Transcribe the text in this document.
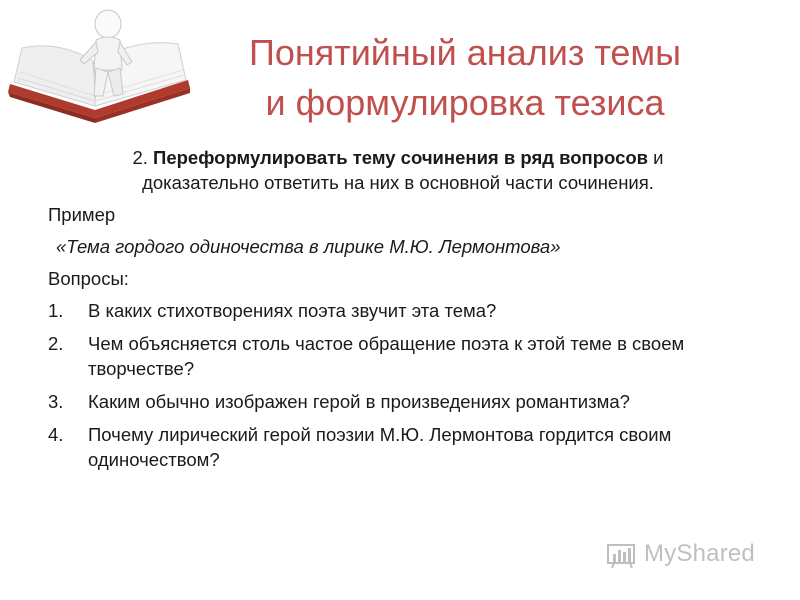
Понятийный анализ темы
и формулировка тезиса
2. Переформулировать тему сочинения в ряд вопросов и
доказательно ответить на них в основной части сочинения.
Пример
«Тема гордого одиночества в лирике М.Ю. Лермонтова»
Вопросы:
1.	В каких стихотворениях поэта звучит эта тема?
2.	Чем объясняется столь частое обращение поэта к этой теме в своем творчестве?
3.	Каким обычно изображен герой в произведениях романтизма?
4.	Почему лирический герой поэзии М.Ю. Лермонтова гордится своим одиночеством?
MyShared
